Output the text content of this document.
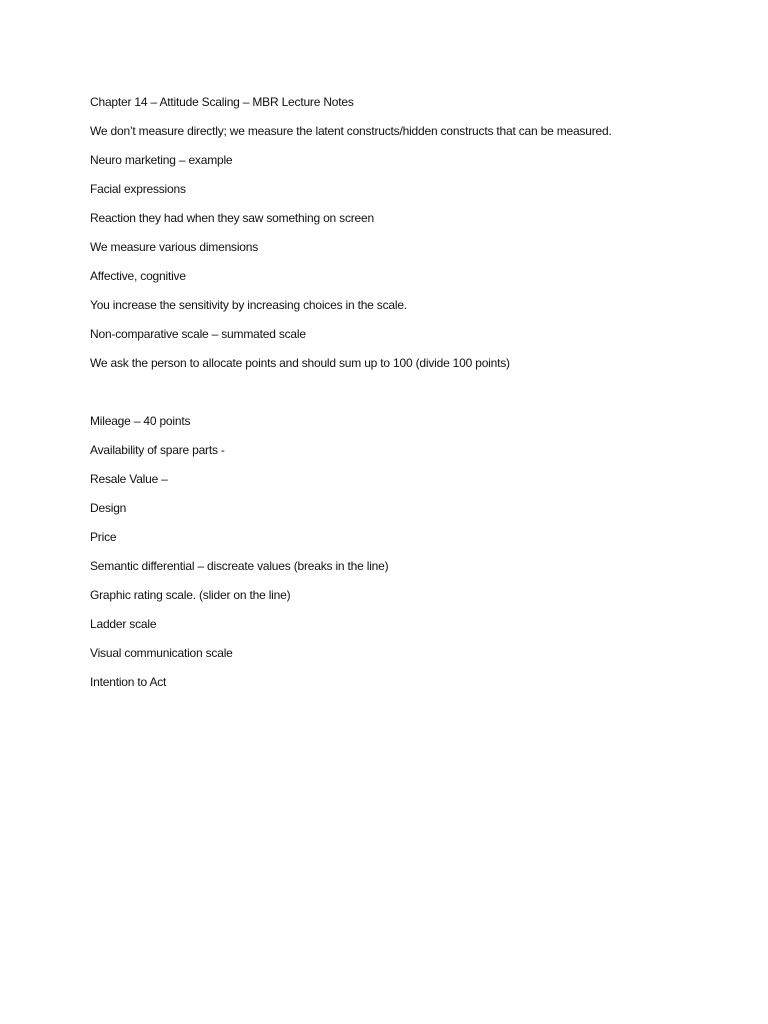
Chapter 14 – Attitude Scaling – MBR Lecture Notes
We don’t measure directly; we measure the latent constructs/hidden constructs that can be measured.
Neuro marketing – example
Facial expressions
Reaction they had when they saw something on screen
We measure various dimensions
Affective, cognitive
You increase the sensitivity by increasing choices in the scale.
Non-comparative scale – summated scale
We ask the person to allocate points and should sum up to 100 (divide 100 points)
Mileage – 40 points
Availability of spare parts -
Resale Value –
Design
Price
Semantic differential – discreate values (breaks in the line)
Graphic rating scale. (slider on the line)
Ladder scale
Visual communication scale
Intention to Act
